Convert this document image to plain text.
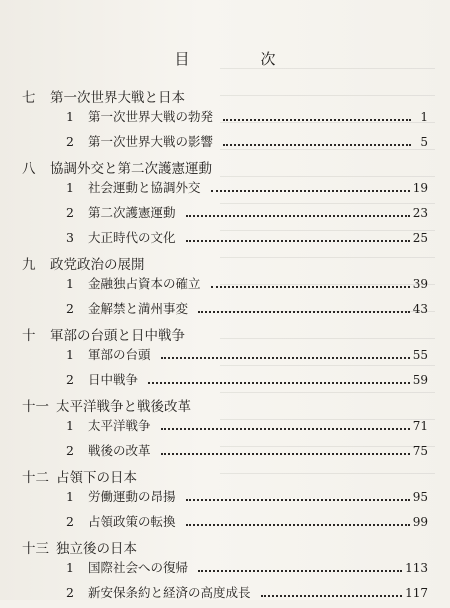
目　次
七	第一次世界大戦と日本
1	第一次世界大戦の勃発	1
2	第一次世界大戦の影響	5
八	協調外交と第二次護憲運動
1	社会運動と協調外交	19
2	第二次護憲運動	23
3	大正時代の文化	25
九	政党政治の展開
1	金融独占資本の確立	39
2	金解禁と満州事変	43
十	軍部の台頭と日中戦争
1	軍部の台頭	55
2	日中戦争	59
十一 太平洋戦争と戦後改革
1	太平洋戦争	71
2	戦後の改革	75
十二 占領下の日本
1	労働運動の昂揚	95
2	占領政策の転換	99
十三 独立後の日本
1	国際社会への復帰	113
2	新安保条約と経済の高度成長	117
